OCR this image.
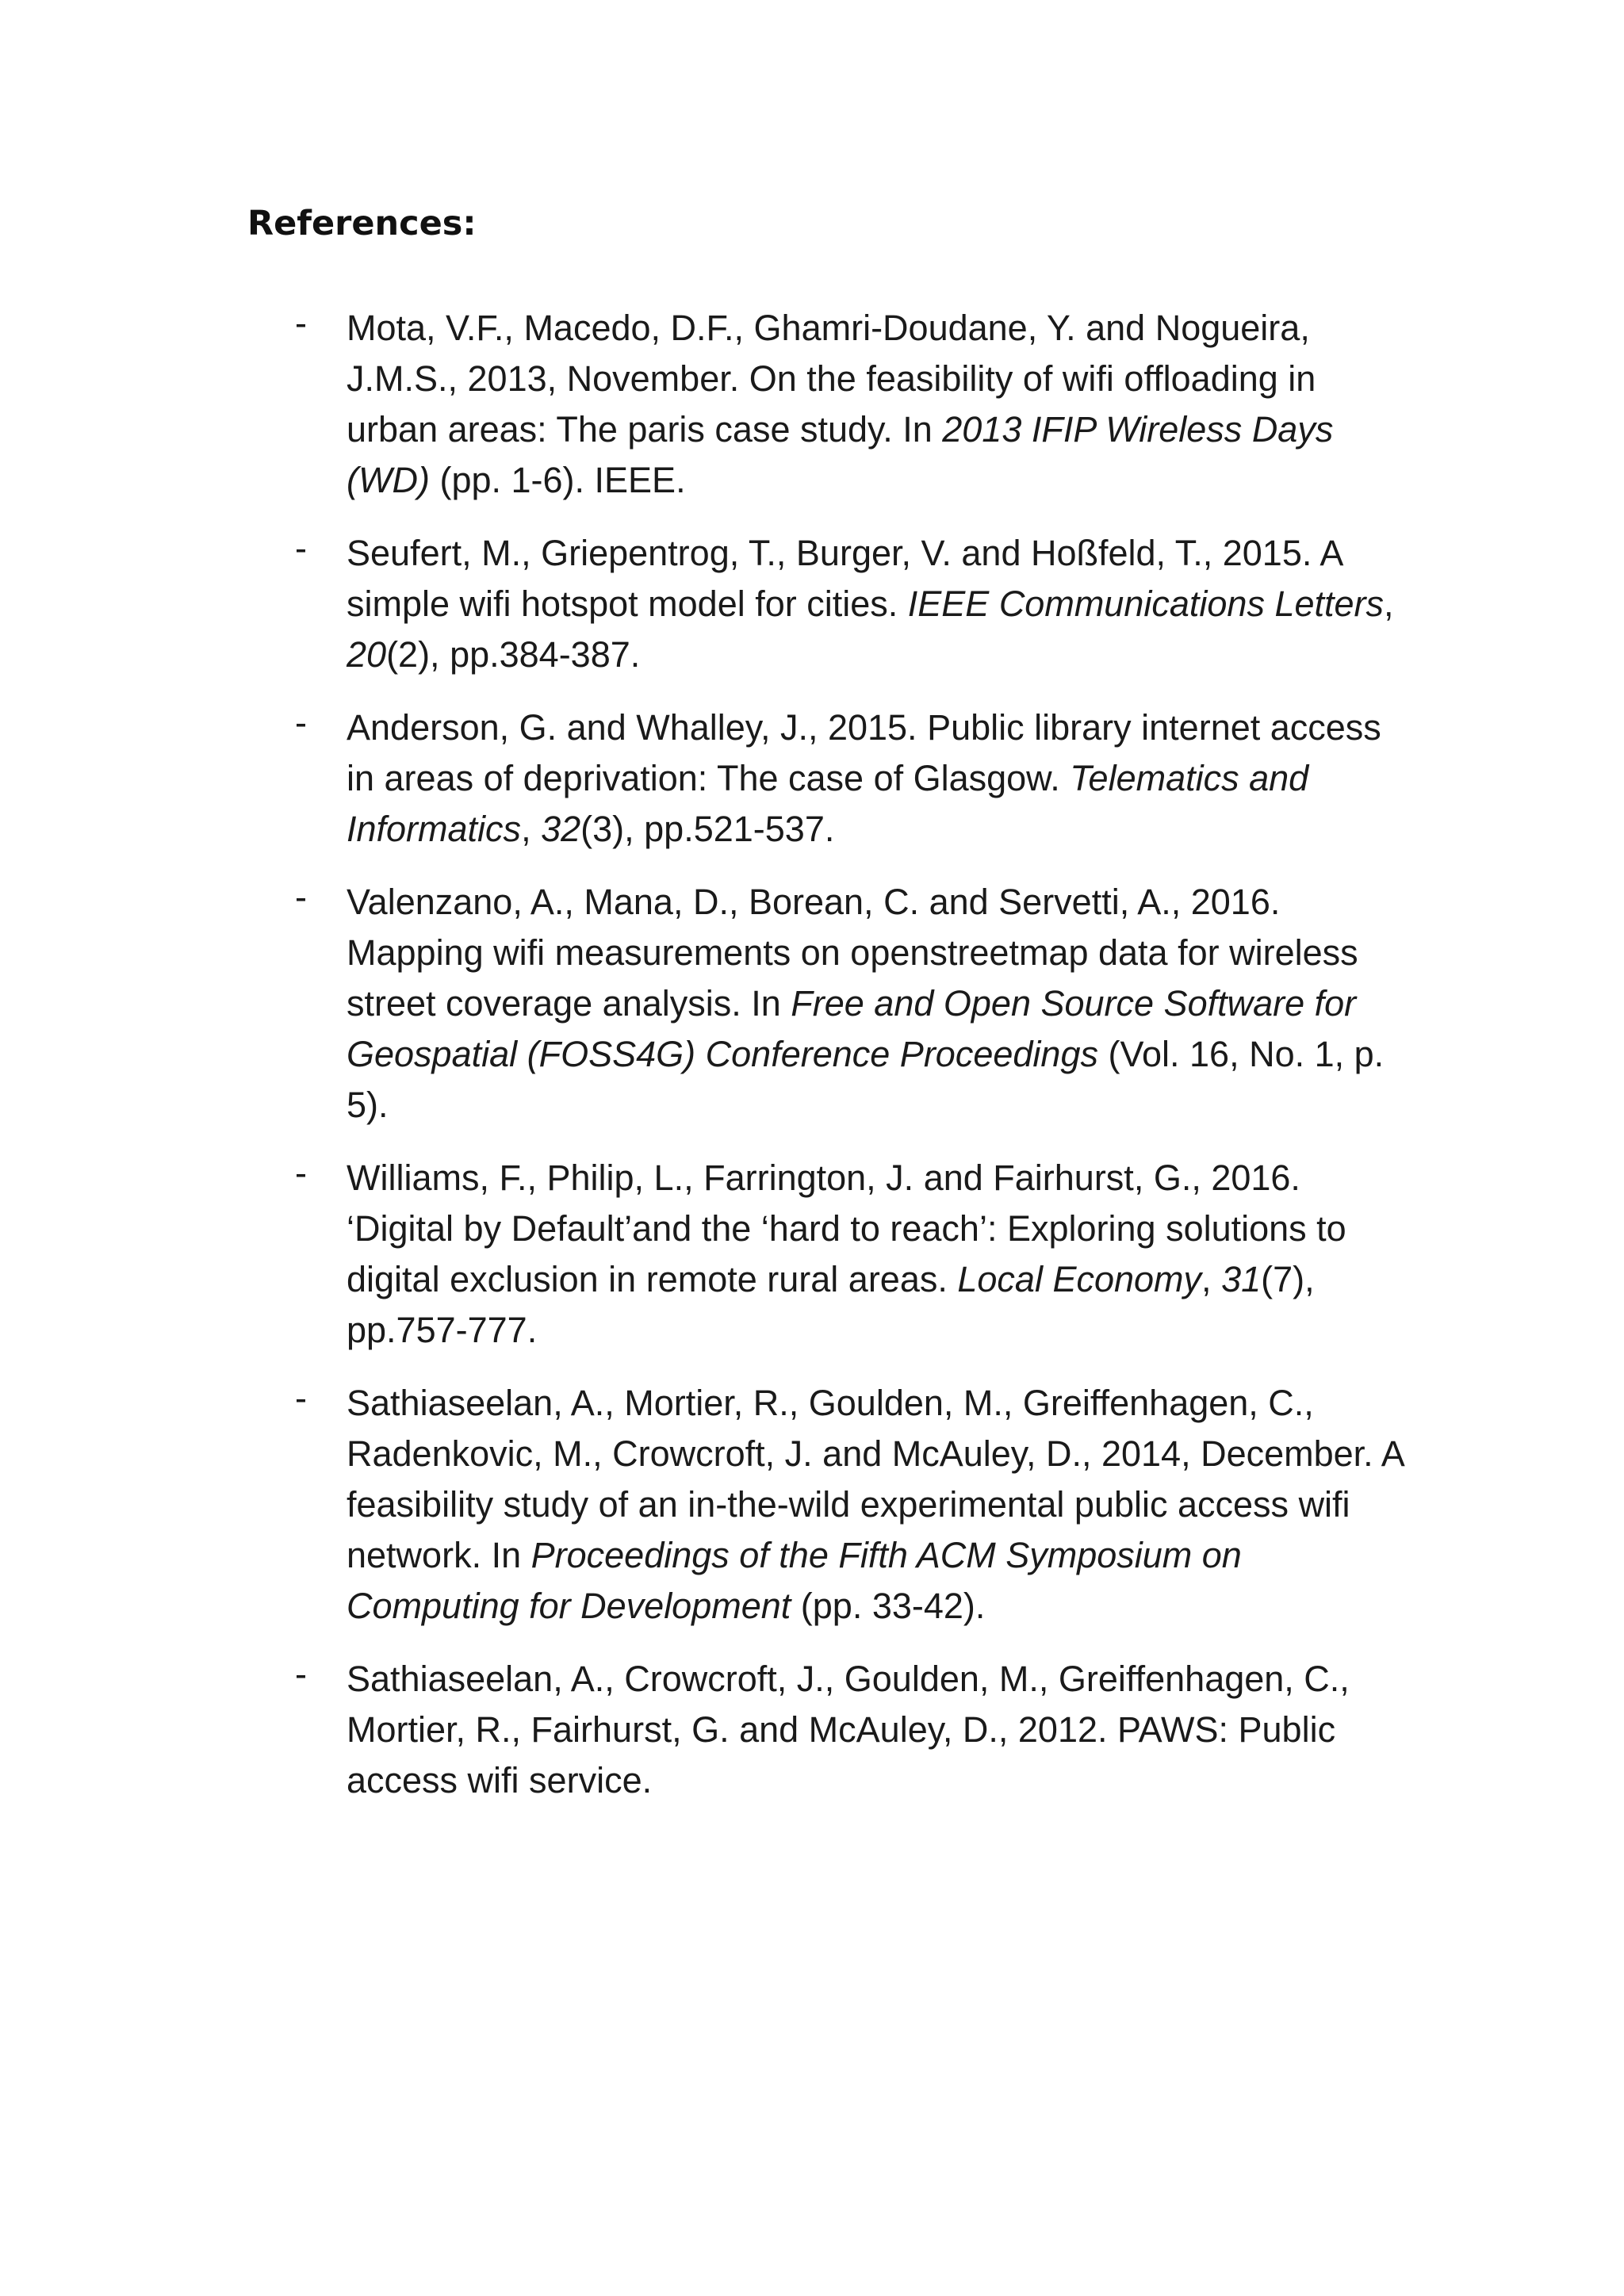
References:
- Mota, V.F., Macedo, D.F., Ghamri-Doudane, Y. and Nogueira, J.M.S., 2013, November. On the feasibility of wifi offloading in urban areas: The paris case study. In 2013 IFIP Wireless Days (WD) (pp. 1-6). IEEE.
- Seufert, M., Griepentrog, T., Burger, V. and Hoßfeld, T., 2015. A simple wifi hotspot model for cities. IEEE Communications Letters, 20(2), pp.384-387.
- Anderson, G. and Whalley, J., 2015. Public library internet access in areas of deprivation: The case of Glasgow. Telematics and Informatics, 32(3), pp.521-537.
- Valenzano, A., Mana, D., Borean, C. and Servetti, A., 2016. Mapping wifi measurements on openstreetmap data for wireless street coverage analysis. In Free and Open Source Software for Geospatial (FOSS4G) Conference Proceedings (Vol. 16, No. 1, p. 5).
- Williams, F., Philip, L., Farrington, J. and Fairhurst, G., 2016. ‘Digital by Default’and the ‘hard to reach’: Exploring solutions to digital exclusion in remote rural areas. Local Economy, 31(7), pp.757-777.
- Sathiaseelan, A., Mortier, R., Goulden, M., Greiffenhagen, C., Radenkovic, M., Crowcroft, J. and McAuley, D., 2014, December. A feasibility study of an in-the-wild experimental public access wifi network. In Proceedings of the Fifth ACM Symposium on Computing for Development (pp. 33-42).
- Sathiaseelan, A., Crowcroft, J., Goulden, M., Greiffenhagen, C., Mortier, R., Fairhurst, G. and McAuley, D., 2012. PAWS: Public access wifi service.
